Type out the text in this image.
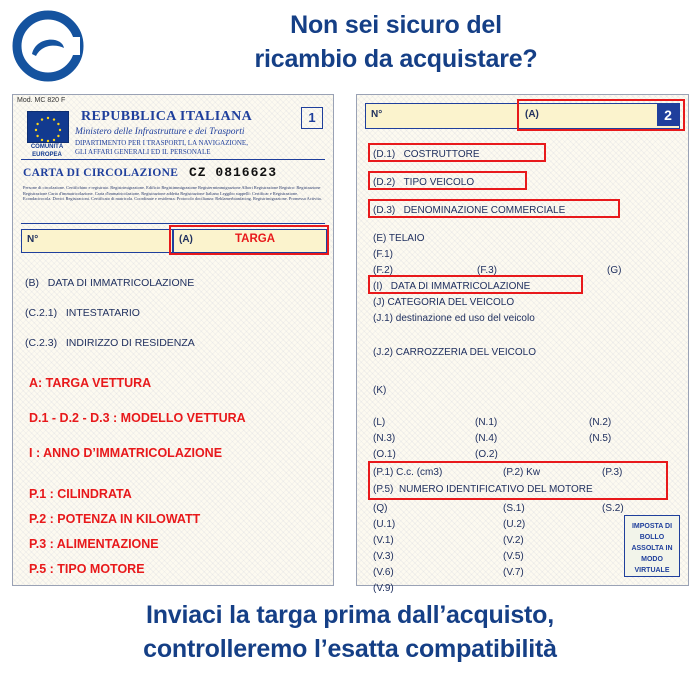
Non sei sicuro del
ricambio da acquistare?
Mod. MC 820 F
COMUNITÀ EUROPEA
REPUBBLICA ITALIANA
Ministero delle Infrastrutture e dei Trasporti
DIPARTIMENTO PER I TRASPORTI, LA NAVIGAZIONE,
GLI AFFARI GENERALI ED IL PERSONALE
1
CARTA DI CIRCOLAZIONE CZ 0816623
Persone di circolazione. Certifichino e registrato. Registrimigrazione. Edificio Registimmigrazione Registermimmigrazione Albori Registrazione Registro: Registrazione Registrazione Carta d'immatricolazione. Carta d'immatricolazione. Registrazione addetta Registrazione Italiano Leggibo suppelli: Certificar e Registrazione. Econdacirocola. Dovici Registracioni. Certificato di matricola. Coordinate e residenza. Protocolo docilianza: Reklamerbianfacing. Registrimigrazione. Promessa Activita.
N°	(A)	TARGA
(B) DATA DI IMMATRICOLAZIONE
(C.2.1) INTESTATARIO
(C.2.3) INDIRIZZO DI RESIDENZA
A: TARGA VETTURA
D.1 - D.2 - D.3 : MODELLO VETTURA
I : ANNO D’IMMATRICOLAZIONE
P.1 : CILINDRATA
P.2 : POTENZA IN KILOWATT
P.3 : ALIMENTAZIONE
P.5 : TIPO MOTORE
N°	(A)	2
(D.1) COSTRUTTORE
(D.2) TIPO VEICOLO
(D.3) DENOMINAZIONE COMMERCIALE
(E) TELAIO
(F.1)
(F.2)	(F.3)	(G)
(I) DATA DI IMMATRICOLAZIONE
(J) CATEGORIA DEL VEICOLO
(J.1) destinazione ed uso del veicolo
(J.2) CARROZZERIA DEL VEICOLO
(K)
(L)	(N.1)	(N.2)
(N.3)	(N.4)	(N.5)
(O.1)	(O.2)
(P.1) C.c. (cm3)	(P.2) Kw	(P.3)
(P.5) NUMERO IDENTIFICATIVO DEL MOTORE
(Q)	(S.1)	(S.2)
(U.1)	(U.2)
(V.1)	(V.2)
(V.3)	(V.5)
(V.6)	(V.7)
(V.9)
IMPOSTA DI BOLLO ASSOLTA IN MODO VIRTUALE
Inviaci la targa prima dall’acquisto,
controlleremo l’esatta compatibilità
